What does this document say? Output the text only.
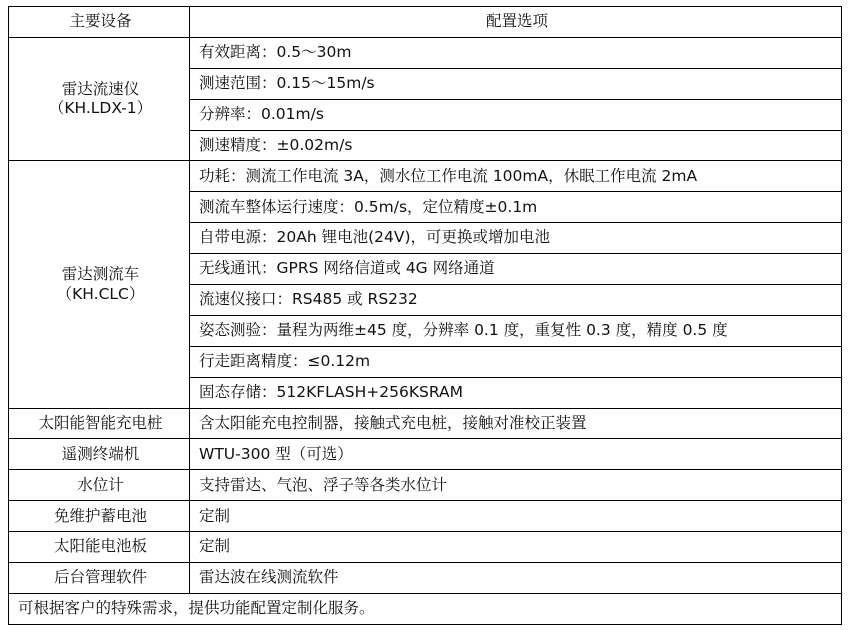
主要设备	配置选项

雷达流速仪
（KH.LDX-1）	有效距离：0.5～30m
	测速范围：0.15～15m/s
	分辨率：0.01m/s
	测速精度：±0.02m/s

雷达测流车
（KH.CLC）	功耗：测流工作电流 3A，测水位工作电流 100mA，休眠工作电流 2mA
	测流车整体运行速度：0.5m/s，定位精度±0.1m
	自带电源：20Ah 锂电池(24V)，可更换或增加电池
	无线通讯：GPRS 网络信道或 4G 网络通道
	流速仪接口：RS485 或 RS232
	姿态测验：量程为两维±45 度，分辨率 0.1 度，重复性 0.3 度，精度 0.5 度
	行走距离精度：≤0.12m
	固态存储：512KFLASH+256KSRAM
太阳能智能充电桩	含太阳能充电控制器，接触式充电桩，接触对准校正装置
遥测终端机	WTU-300 型（可选）
水位计	支持雷达、气泡、浮子等各类水位计
免维护蓄电池	定制
太阳能电池板	定制
后台管理软件	雷达波在线测流软件
可根据客户的特殊需求，提供功能配置定制化服务。	
